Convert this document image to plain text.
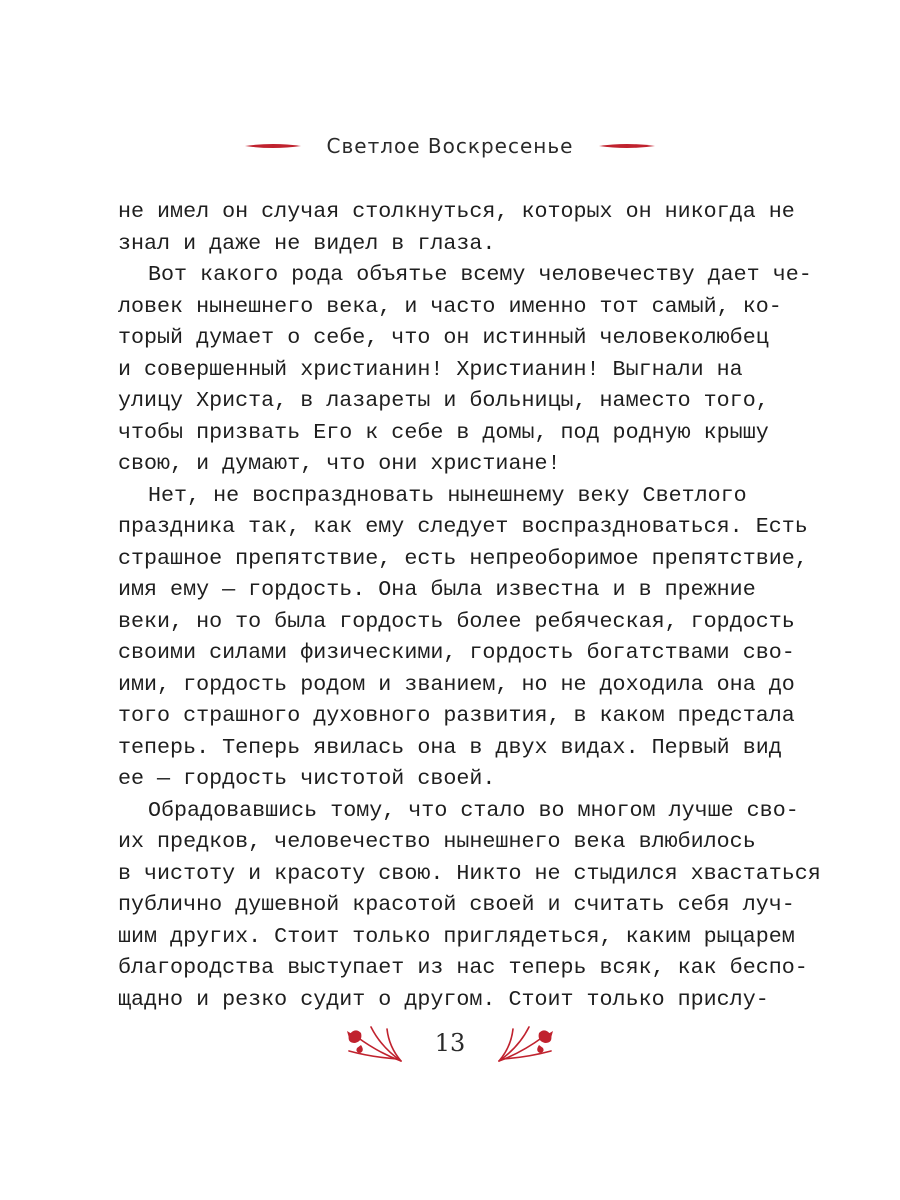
Светлое Воскресенье
не имел он случая столкнуться, которых он никогда не
знал и даже не видел в глаза.
Вот какого рода объятье всему человечеству дает че-
ловек нынешнего века, и часто именно тот самый, ко-
торый думает о себе, что он истинный человеколюбец
и совершенный христианин! Христианин! Выгнали на
улицу Христа, в лазареты и больницы, наместо того,
чтобы призвать Его к себе в домы, под родную крышу
свою, и думают, что они христиане!
Нет, не воспраздновать нынешнему веку Светлого
праздника так, как ему следует воспраздноваться. Есть
страшное препятствие, есть непреоборимое препятствие,
имя ему — гордость. Она была известна и в прежние
веки, но то была гордость более ребяческая, гордость
своими силами физическими, гордость богатствами сво-
ими, гордость родом и званием, но не доходила она до
того страшного духовного развития, в каком предстала
теперь. Теперь явилась она в двух видах. Первый вид
ее — гордость чистотой своей.
Обрадовавшись тому, что стало во многом лучше сво-
их предков, человечество нынешнего века влюбилось
в чистоту и красоту свою. Никто не стыдился хвастаться
публично душевной красотой своей и считать себя луч-
шим других. Стоит только приглядеться, каким рыцарем
благородства выступает из нас теперь всяк, как беспо-
щадно и резко судит о другом. Стоит только прислу-
13
